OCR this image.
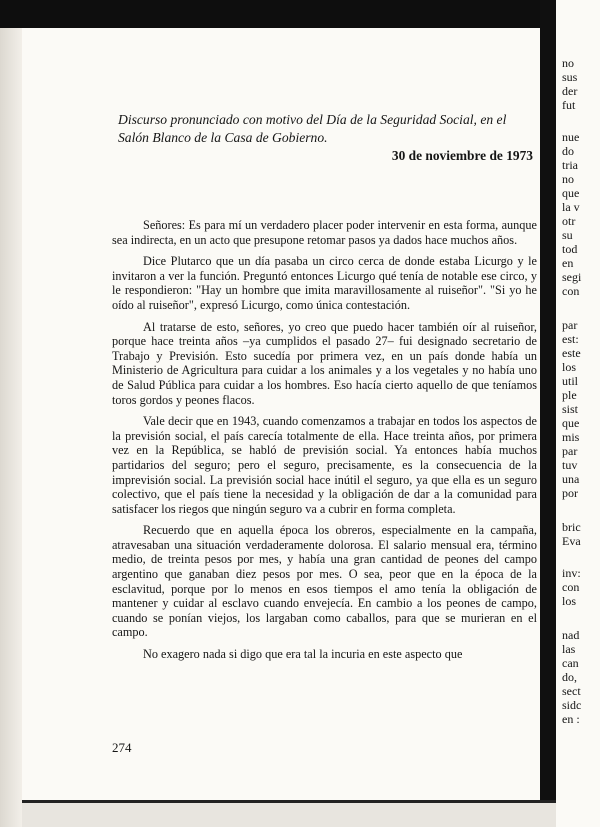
Discurso pronunciado con motivo del Día de la Seguridad Social, en el Salón Blanco de la Casa de Gobierno.
30 de noviembre de 1973

Señores: Es para mí un verdadero placer poder intervenir en esta forma, aunque sea indirecta, en un acto que presupone retomar pasos ya dados hace muchos años.

Dice Plutarco que un día pasaba un circo cerca de donde estaba Licurgo y le invitaron a ver la función. Preguntó entonces Licurgo qué tenía de notable ese circo, y le respondieron: "Hay un hombre que imita maravillosamente al ruiseñor". "Si yo he oído al ruiseñor", expresó Licurgo, como única contestación.

Al tratarse de esto, señores, yo creo que puedo hacer también oír al ruiseñor, porque hace treinta años –ya cumplidos el pasado 27– fui designado secretario de Trabajo y Previsión. Esto sucedía por primera vez, en un país donde había un Ministerio de Agricultura para cuidar a los animales y a los vegetales y no había uno de Salud Pública para cuidar a los hombres. Eso hacía cierto aquello de que teníamos toros gordos y peones flacos.

Vale decir que en 1943, cuando comenzamos a trabajar en todos los aspectos de la previsión social, el país carecía totalmente de ella. Hace treinta años, por primera vez en la República, se habló de previsión social. Ya entonces había muchos partidarios del seguro; pero el seguro, precisamente, es la consecuencia de la imprevisión social. La previsión social hace inútil el seguro, ya que ella es un seguro colectivo, que el país tiene la necesidad y la obligación de dar a la comunidad para satisfacer los riegos que ningún seguro va a cubrir en forma completa.

Recuerdo que en aquella época los obreros, especialmente en la campaña, atravesaban una situación verdaderamente dolorosa. El salario mensual era, término medio, de treinta pesos por mes, y había una gran cantidad de peones del campo argentino que ganaban diez pesos por mes. O sea, peor que en la época de la esclavitud, porque por lo menos en esos tiempos el amo tenía la obligación de mantener y cuidar al esclavo cuando envejecía. En cambio a los peones de campo, cuando se ponían viejos, los largaban como caballos, para que se murieran en el campo.

No exagero nada si digo que era tal la incuria en este aspecto que

274
no
sus
der
fut
nue
do
tria
no
que
la v
otr
su
tod
en
segi
con
par
est:
este
los
util
ple
sist
que
mis
par
tuv
una
por
bric
Eva
inv:
con
los
nad
las
can
do,
sect
sidc
en :
